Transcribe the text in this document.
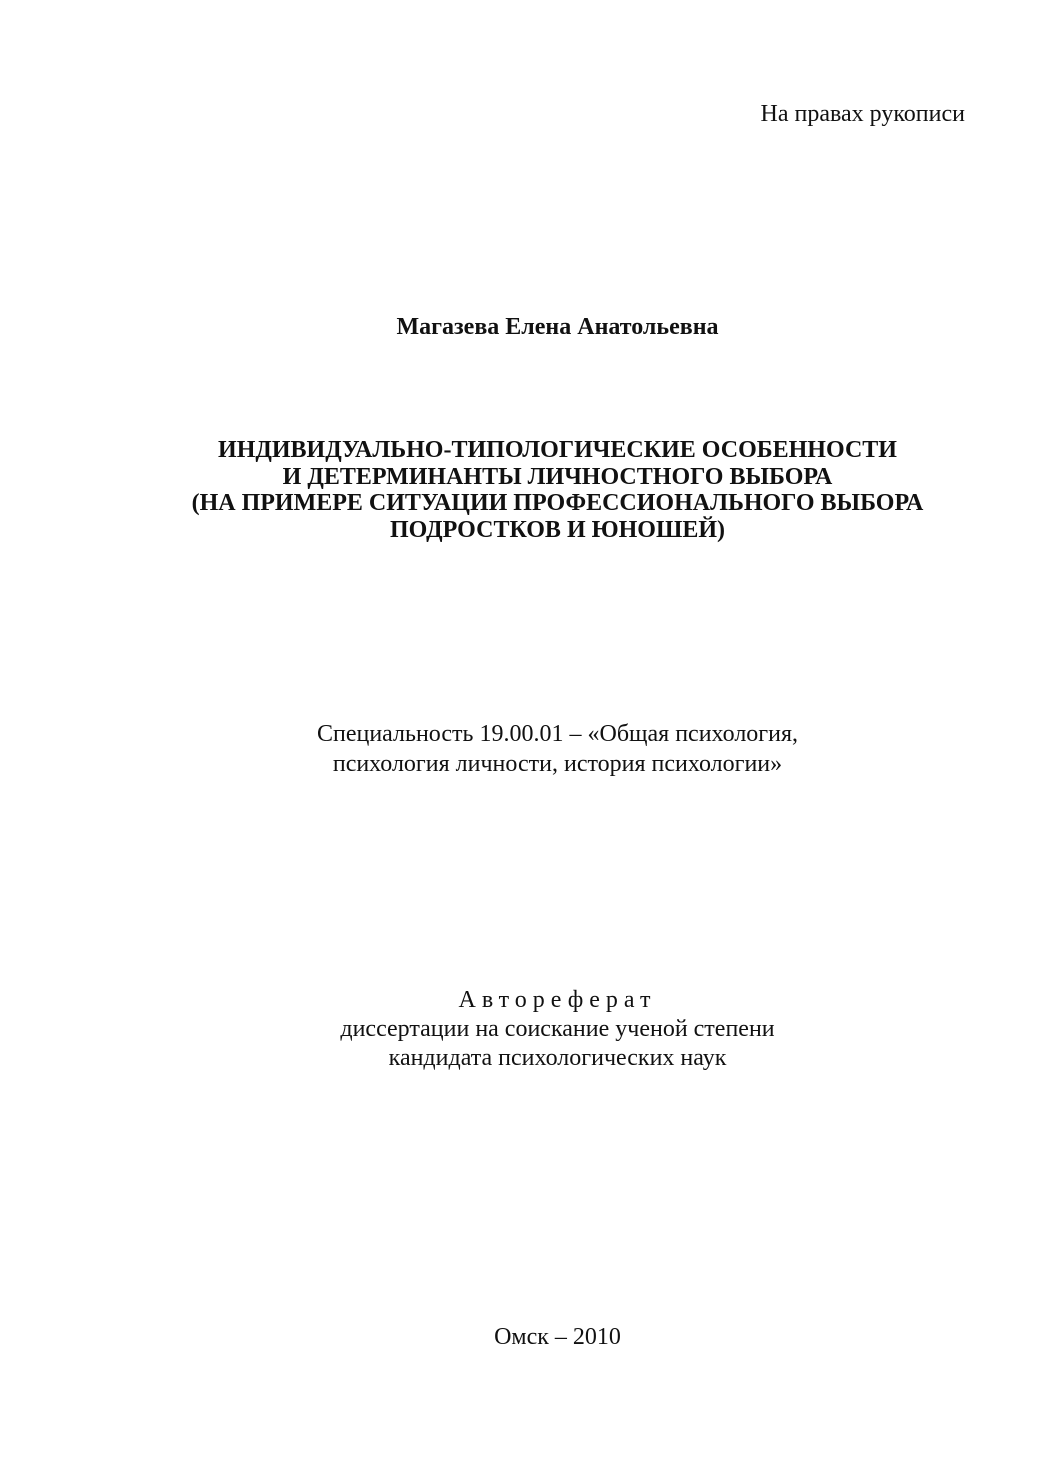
На правах рукописи
Магазева Елена Анатольевна
ИНДИВИДУАЛЬНО-ТИПОЛОГИЧЕСКИЕ ОСОБЕННОСТИ
И ДЕТЕРМИНАНТЫ ЛИЧНОСТНОГО ВЫБОРА
(НА ПРИМЕРЕ СИТУАЦИИ ПРОФЕССИОНАЛЬНОГО ВЫБОРА
ПОДРОСТКОВ И ЮНОШЕЙ)
Специальность 19.00.01 – «Общая психология,
психология личности, история психологии»
Автореферат
диссертации на соискание ученой степени
кандидата психологических наук
Омск – 2010
